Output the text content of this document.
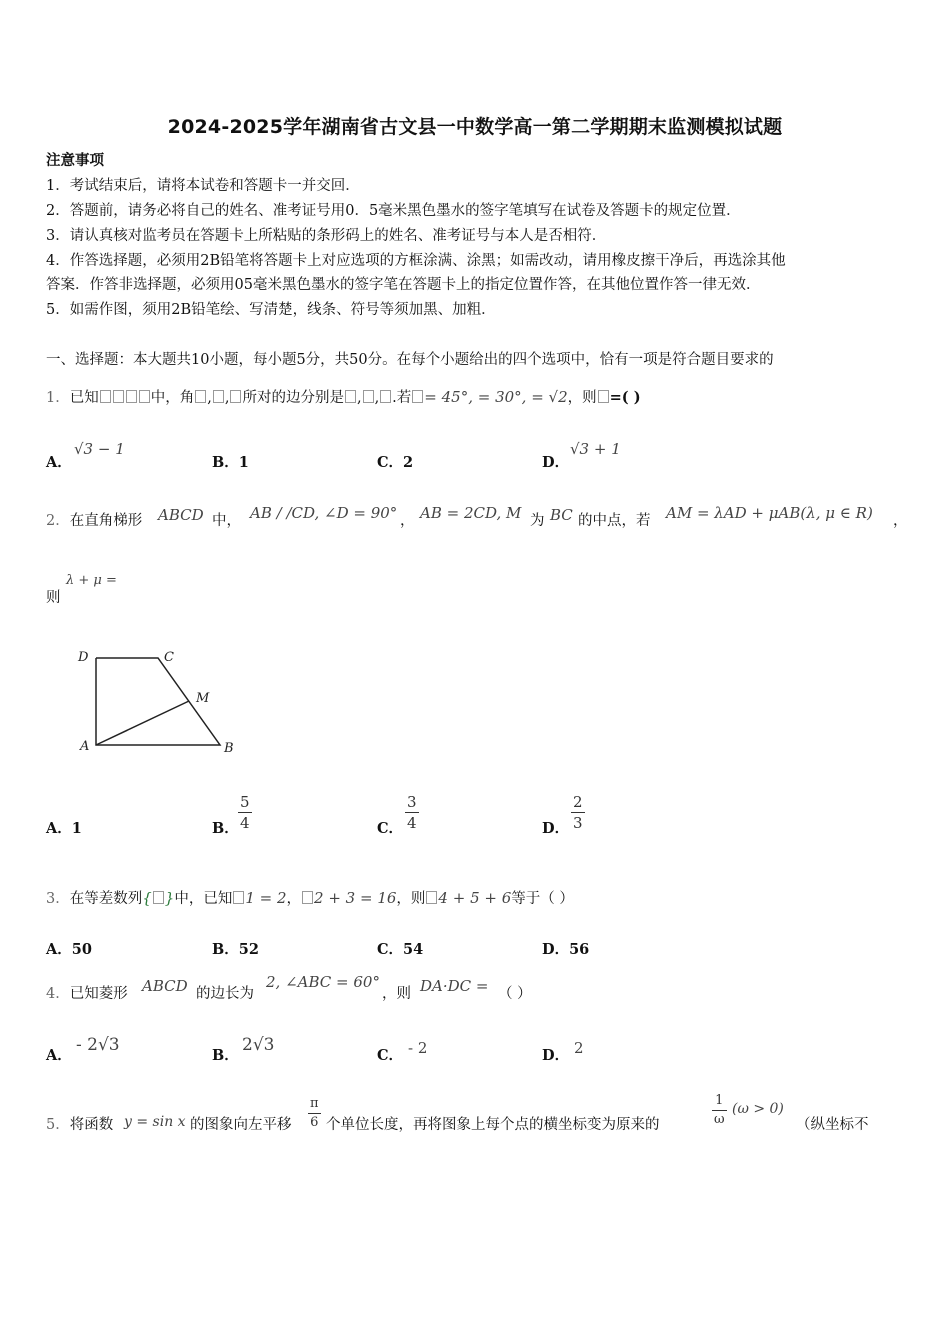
2024-2025学年湖南省古文县一中数学高一第二学期期末监测模拟试题
注意事项
1．考试结束后，请将本试卷和答题卡一并交回．
2．答题前，请务必将自己的姓名、准考证号用0．5毫米黑色墨水的签字笔填写在试卷及答题卡的规定位置．
3．请认真核对监考员在答题卡上所粘贴的条形码上的姓名、准考证号与本人是否相符．
4．作答选择题，必须用2B铅笔将答题卡上对应选项的方框涂满、涂黑；如需改动，请用橡皮擦干净后，再选涂其他
答案．作答非选择题，必须用05毫米黑色墨水的签字笔在答题卡上的指定位置作答，在其他位置作答一律无效．
5．如需作图，须用2B铅笔绘、写清楚，线条、符号等须加黑、加粗．
一、选择题：本大题共10小题，每小题5分，共50分。在每个小题给出的四个选项中，恰有一项是符合题目要求的
1．已知	中，角 , , 所对的边分别是 , , .若 = 45°, = 30°, = √2，则 =( )
A．
√3 − 1
B．1	C．2	D．
√3 + 1
2．在直角梯形 ABCD 中， AB / /CD, ∠D = 90° ， AB = 2CD, M 为 BC 的中点，若 AM = λAD + μAB(λ, μ ∈ R) ，
则
λ + μ =
D	C
M
A	B
A．1	B． $\frac{5}{4}$	C． $\frac{3}{4}$	D． $\frac{2}{3}$
3．在等差数列{ }中，已知 1 = 2， 2 + 3 = 16，则 4 + 5 + 6等于（ ）
A．50	B．52	C．54	D．56
4．已知菱形 ABCD 的边长为
2, ∠ABC = 60°
，则 DA·DC = （ ）
A．
- 2√3
B．
2√3
C． - 2	D． 2
5．将函数 y = sin x 的图象向左平移 $\frac{\pi}{6}$ 个单位长度，再将图象上每个点的横坐标变为原来的	$\frac{1}{\omega} (\omega > 0)$
（纵坐标不
